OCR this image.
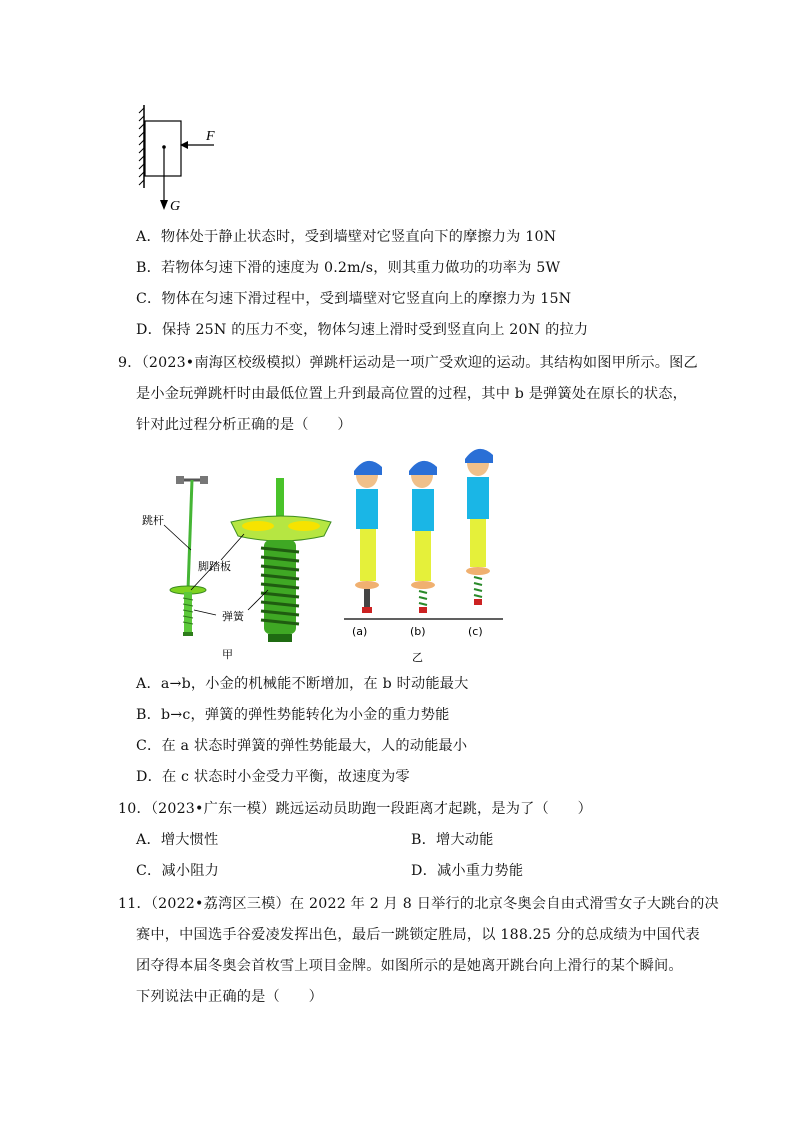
F
G
A．物体处于静止状态时，受到墙壁对它竖直向下的摩擦力为 10N
B．若物体匀速下滑的速度为 0.2m/s，则其重力做功的功率为 5W
C．物体在匀速下滑过程中，受到墙壁对它竖直向上的摩擦力为 15N
D．保持 25N 的压力不变，物体匀速上滑时受到竖直向上 20N 的拉力
9．（2023•南海区校级模拟）弹跳杆运动是一项广受欢迎的运动。其结构如图甲所示。图乙
是小金玩弹跳杆时由最低位置上升到最高位置的过程，其中 b 是弹簧处在原长的状态，
针对此过程分析正确的是（　　）
跳杆
脚踏板
弹簧
甲
(a)	(b)	(c)
乙
A．a→b，小金的机械能不断增加，在 b 时动能最大
B．b→c，弹簧的弹性势能转化为小金的重力势能
C．在 a 状态时弹簧的弹性势能最大，人的动能最小
D．在 c 状态时小金受力平衡，故速度为零
10．（2023•广东一模）跳远运动员助跑一段距离才起跳，是为了（　　）
A．增大惯性	B．增大动能
C．减小阻力	D．减小重力势能
11．（2022•荔湾区三模）在 2022 年 2 月 8 日举行的北京冬奥会自由式滑雪女子大跳台的决
赛中，中国选手谷爱凌发挥出色，最后一跳锁定胜局，以 188.25 分的总成绩为中国代表
团夺得本届冬奥会首枚雪上项目金牌。如图所示的是她离开跳台向上滑行的某个瞬间。
下列说法中正确的是（　　）
